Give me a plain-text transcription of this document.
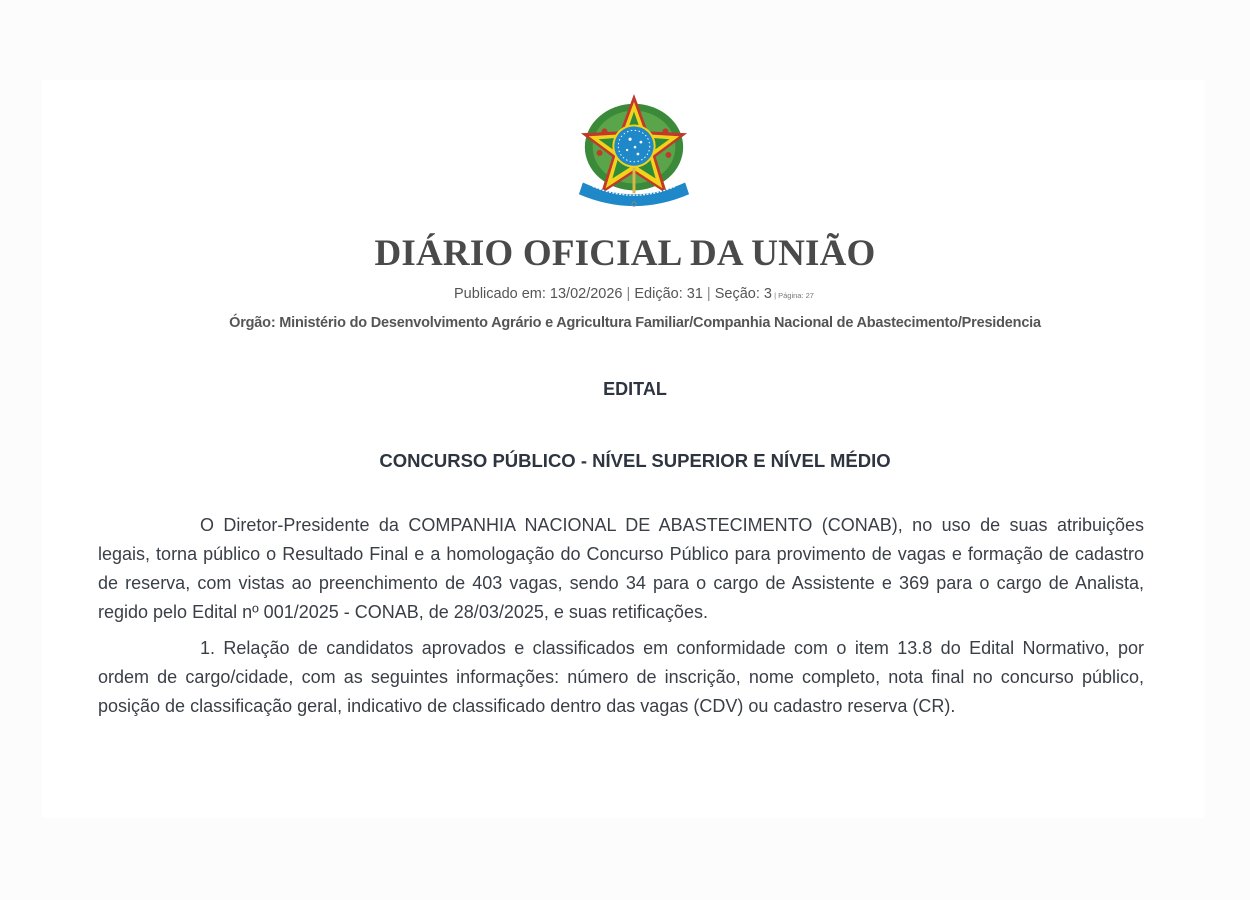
DIÁRIO OFICIAL DA UNIÃO
Publicado em: 13/02/2026 | Edição: 31 | Seção: 3 | Página: 27
Órgão: Ministério do Desenvolvimento Agrário e Agricultura Familiar/Companhia Nacional de Abastecimento/Presidencia
EDITAL
CONCURSO PÚBLICO - NÍVEL SUPERIOR E NÍVEL MÉDIO

O Diretor-Presidente da COMPANHIA NACIONAL DE ABASTECIMENTO (CONAB), no uso de suas atribuições legais, torna público o Resultado Final e a homologação do Concurso Público para provimento de vagas e formação de cadastro de reserva, com vistas ao preenchimento de 403 vagas, sendo 34 para o cargo de Assistente e 369 para o cargo de Analista, regido pelo Edital nº 001/2025 - CONAB, de 28/03/2025, e suas retificações.

1. Relação de candidatos aprovados e classificados em conformidade com o item 13.8 do Edital Normativo, por ordem de cargo/cidade, com as seguintes informações: número de inscrição, nome completo, nota final no concurso público, posição de classificação geral, indicativo de classificado dentro das vagas (CDV) ou cadastro reserva (CR).
